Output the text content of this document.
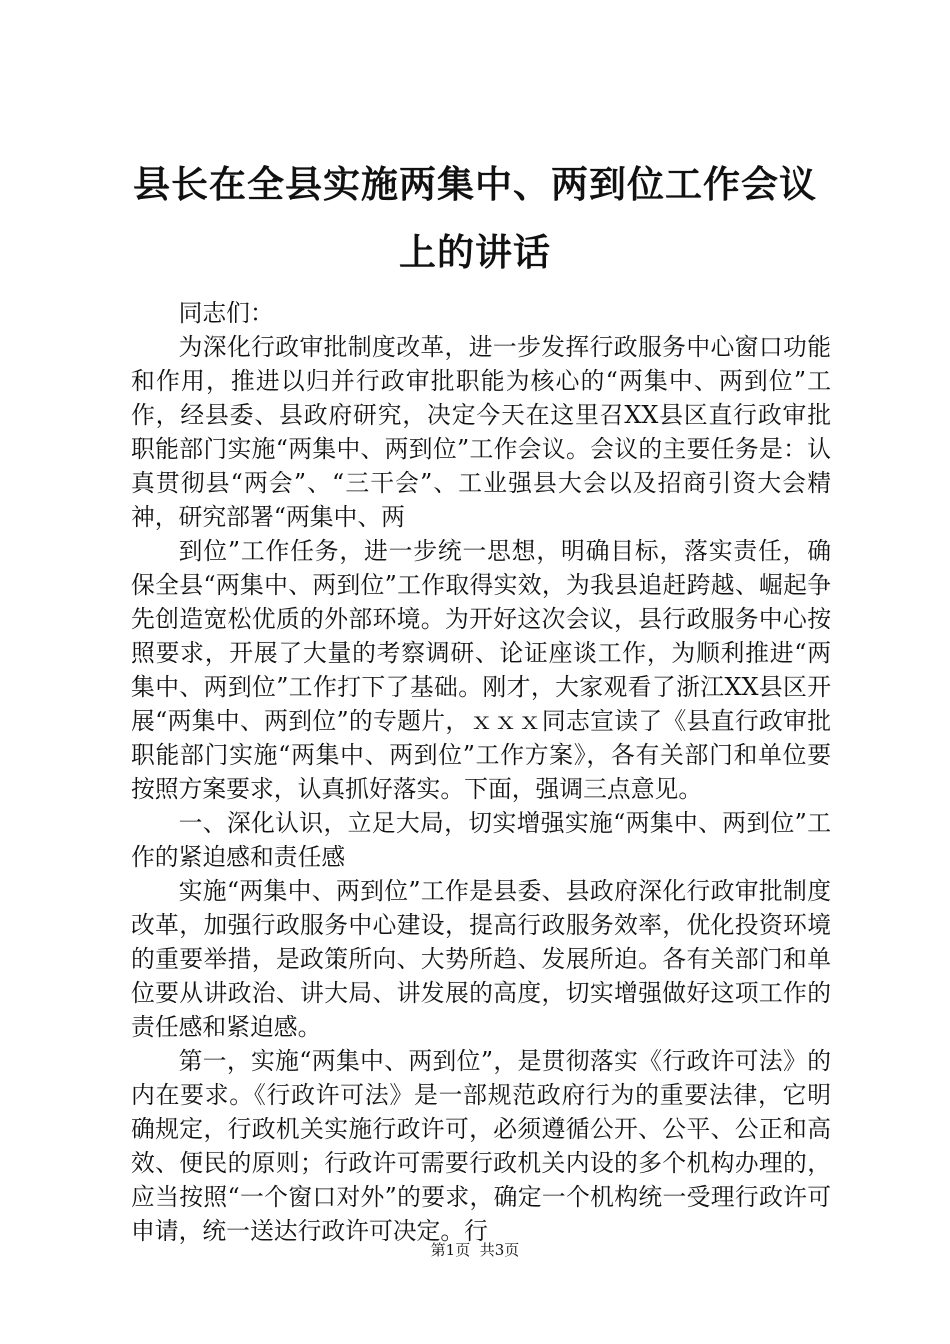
县长在全县实施两集中、两到位工作会议上的讲话

同志们：

为深化行政审批制度改革，进一步发挥行政服务中心窗口功能和作用，推进以归并行政审批职能为核心的“两集中、两到位”工作，经县委、县政府研究，决定今天在这里召XX县区直行政审批职能部门实施“两集中、两到位”工作会议。会议的主要任务是：认真贯彻县“两会”、“三干会”、工业强县大会以及招商引资大会精神，研究部署“两集中、两

到位”工作任务，进一步统一思想，明确目标，落实责任，确保全县“两集中、两到位”工作取得实效，为我县追赶跨越、崛起争先创造宽松优质的外部环境。为开好这次会议，县行政服务中心按照要求，开展了大量的考察调研、论证座谈工作，为顺利推进“两集中、两到位”工作打下了基础。刚才，大家观看了浙江XX县区开展“两集中、两到位”的专题片，ｘｘｘ同志宣读了《县直行政审批职能部门实施“两集中、两到位”工作方案》，各有关部门和单位要按照方案要求，认真抓好落实。下面，强调三点意见。

一、深化认识，立足大局，切实增强实施“两集中、两到位”工作的紧迫感和责任感

实施“两集中、两到位”工作是县委、县政府深化行政审批制度改革，加强行政服务中心建设，提高行政服务效率，优化投资环境的重要举措，是政策所向、大势所趋、发展所迫。各有关部门和单位要从讲政治、讲大局、讲发展的高度，切实增强做好这项工作的责任感和紧迫感。

第一，实施“两集中、两到位”，是贯彻落实《行政许可法》的内在要求。《行政许可法》是一部规范政府行为的重要法律，它明确规定，行政机关实施行政许可，必须遵循公开、公平、公正和高效、便民的原则；行政许可需要行政机关内设的多个机构办理的，应当按照“一个窗口对外”的要求，确定一个机构统一受理行政许可申请，统一送达行政许可决定。行

第1页 共3页
